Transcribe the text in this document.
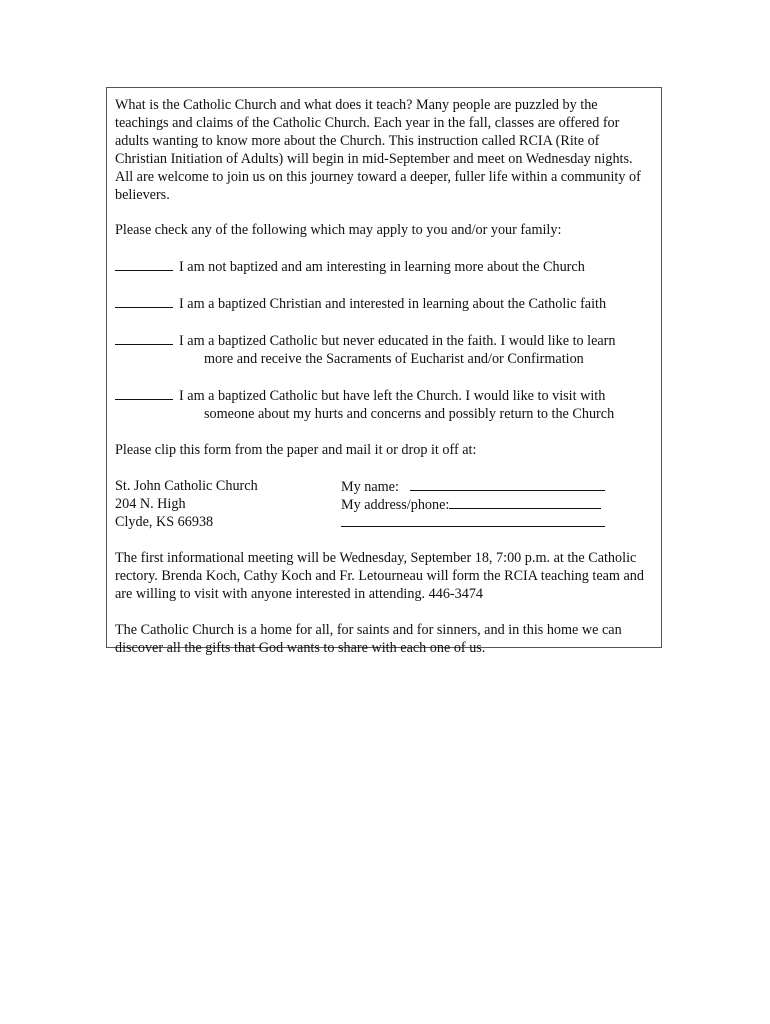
What is the Catholic Church and what does it teach? Many people are puzzled by the teachings and claims of the Catholic Church. Each year in the fall, classes are offered for adults wanting to know more about the Church. This instruction called RCIA (Rite of Christian Initiation of Adults) will begin in mid-September and meet on Wednesday nights. All are welcome to join us on this journey toward a deeper, fuller life within a community of believers.

Please check any of the following which may apply to you and/or your family:

I am not baptized and am interesting in learning more about the Church
I am a baptized Christian and interested in learning about the Catholic faith
I am a baptized Catholic but never educated in the faith. I would like to learn
more and receive the Sacraments of Eucharist and/or Confirmation
I am a baptized Catholic but have left the Church. I would like to visit with
someone about my hurts and concerns and possibly return to the Church

Please clip this form from the paper and mail it or drop it off at:

St. John Catholic Church
204 N. High
Clyde, KS 66938
My name:
My address/phone:

The first informational meeting will be Wednesday, September 18, 7:00 p.m. at the Catholic rectory. Brenda Koch, Cathy Koch and Fr. Letourneau will form the RCIA teaching team and are willing to visit with anyone interested in attending. 446-3474

The Catholic Church is a home for all, for saints and for sinners, and in this home we can discover all the gifts that God wants to share with each one of us.
